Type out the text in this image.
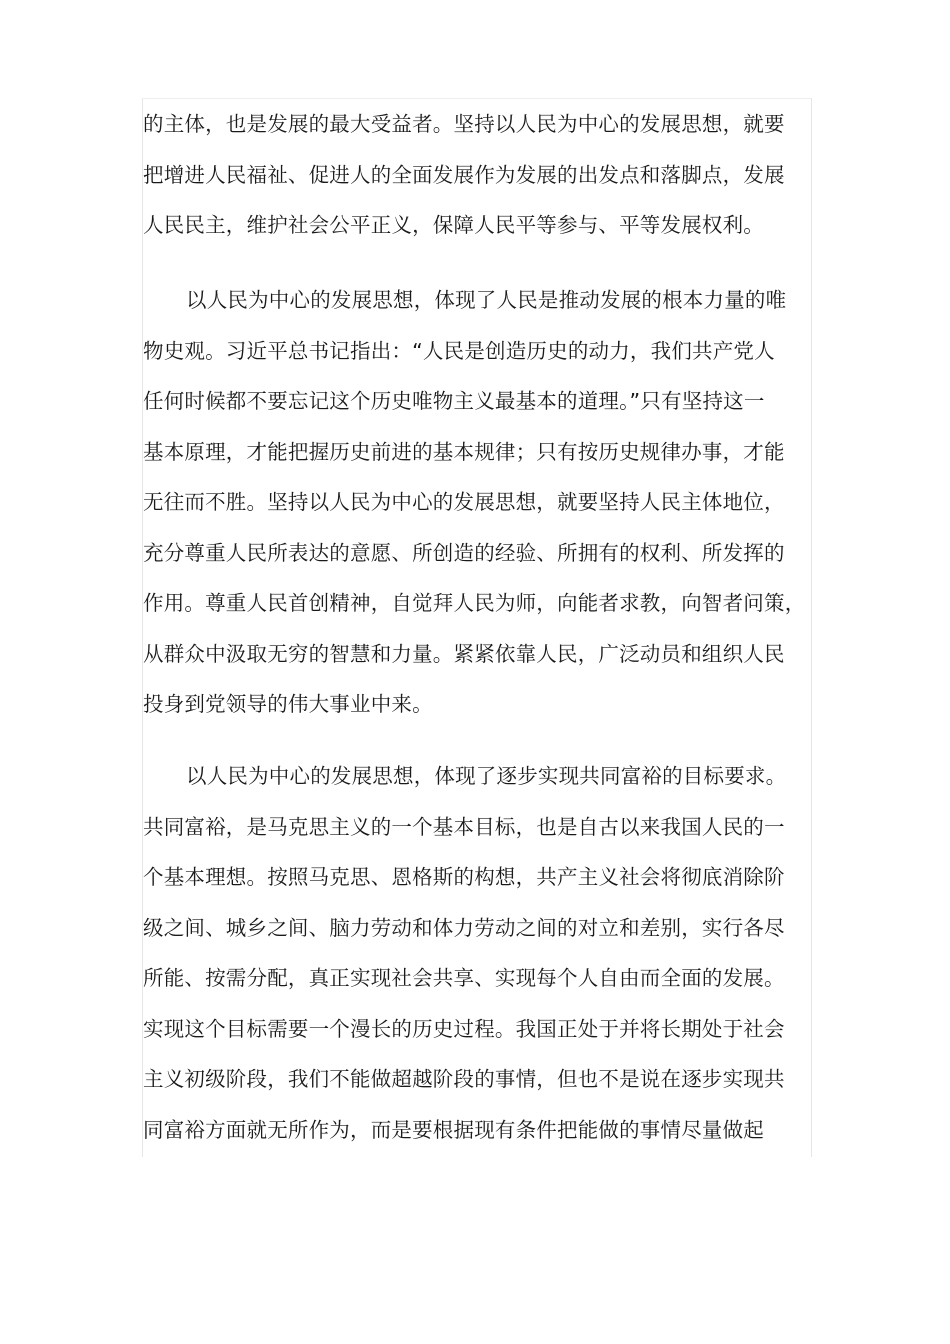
的主体，也是发展的最大受益者。坚持以人民为中心的发展思想，就要
把增进人民福祉、促进人的全面发展作为发展的出发点和落脚点，发展
人民民主，维护社会公平正义，保障人民平等参与、平等发展权利。
以人民为中心的发展思想，体现了人民是推动发展的根本力量的唯
物史观。习近平总书记指出：“人民是创造历史的动力，我们共产党人
任何时候都不要忘记这个历史唯物主义最基本的道理。”只有坚持这一
基本原理，才能把握历史前进的基本规律；只有按历史规律办事，才能
无往而不胜。坚持以人民为中心的发展思想，就要坚持人民主体地位，
充分尊重人民所表达的意愿、所创造的经验、所拥有的权利、所发挥的
作用。尊重人民首创精神，自觉拜人民为师，向能者求教，向智者问策，
从群众中汲取无穷的智慧和力量。紧紧依靠人民，广泛动员和组织人民
投身到党领导的伟大事业中来。
以人民为中心的发展思想，体现了逐步实现共同富裕的目标要求。
共同富裕，是马克思主义的一个基本目标，也是自古以来我国人民的一
个基本理想。按照马克思、恩格斯的构想，共产主义社会将彻底消除阶
级之间、城乡之间、脑力劳动和体力劳动之间的对立和差别，实行各尽
所能、按需分配，真正实现社会共享、实现每个人自由而全面的发展。
实现这个目标需要一个漫长的历史过程。我国正处于并将长期处于社会
主义初级阶段，我们不能做超越阶段的事情，但也不是说在逐步实现共
同富裕方面就无所作为，而是要根据现有条件把能做的事情尽量做起
